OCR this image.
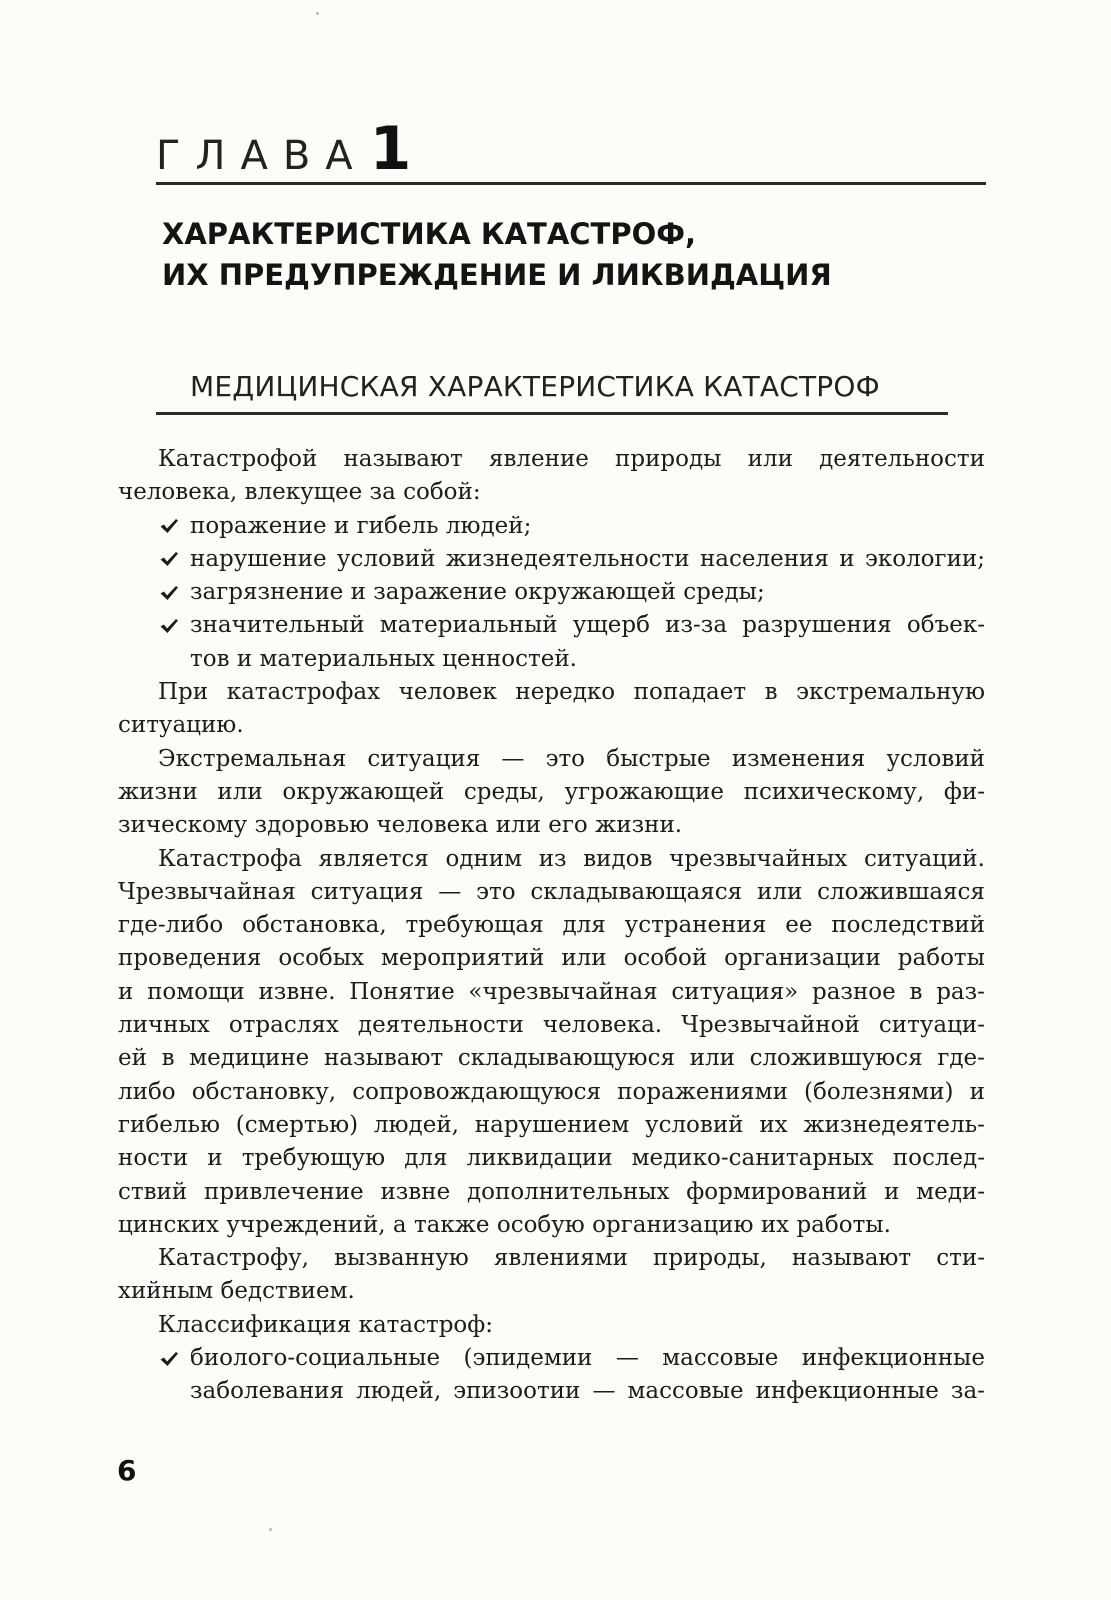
ГЛАВА 1
ХАРАКТЕРИСТИКА КАТАСТРОФ,
ИХ ПРЕДУПРЕЖДЕНИЕ И ЛИКВИДАЦИЯ
МЕДИЦИНСКАЯ ХАРАКТЕРИСТИКА КАТАСТРОФ
Катастрофой называют явление природы или деятельности
человека, влекущее за собой:
поражение и гибель людей;
нарушение условий жизнедеятельности населения и экологии;
загрязнение и заражение окружающей среды;
значительный материальный ущерб из-за разрушения объек-
тов и материальных ценностей.
При катастрофах человек нередко попадает в экстремальную
ситуацию.
Экстремальная ситуация — это быстрые изменения условий
жизни или окружающей среды, угрожающие психическому, фи-
зическому здоровью человека или его жизни.
Катастрофа является одним из видов чрезвычайных ситуаций.
Чрезвычайная ситуация — это складывающаяся или сложившаяся
где-либо обстановка, требующая для устранения ее последствий
проведения особых мероприятий или особой организации работы
и помощи извне. Понятие «чрезвычайная ситуация» разное в раз-
личных отраслях деятельности человека. Чрезвычайной ситуаци-
ей в медицине называют складывающуюся или сложившуюся где-
либо обстановку, сопровождающуюся поражениями (болезнями) и
гибелью (смертью) людей, нарушением условий их жизнедеятель-
ности и требующую для ликвидации медико-санитарных послед-
ствий привлечение извне дополнительных формирований и меди-
цинских учреждений, а также особую организацию их работы.
Катастрофу, вызванную явлениями природы, называют сти-
хийным бедствием.
Классификация катастроф:
биолого-социальные (эпидемии — массовые инфекционные
заболевания людей, эпизоотии — массовые инфекционные за-
6
